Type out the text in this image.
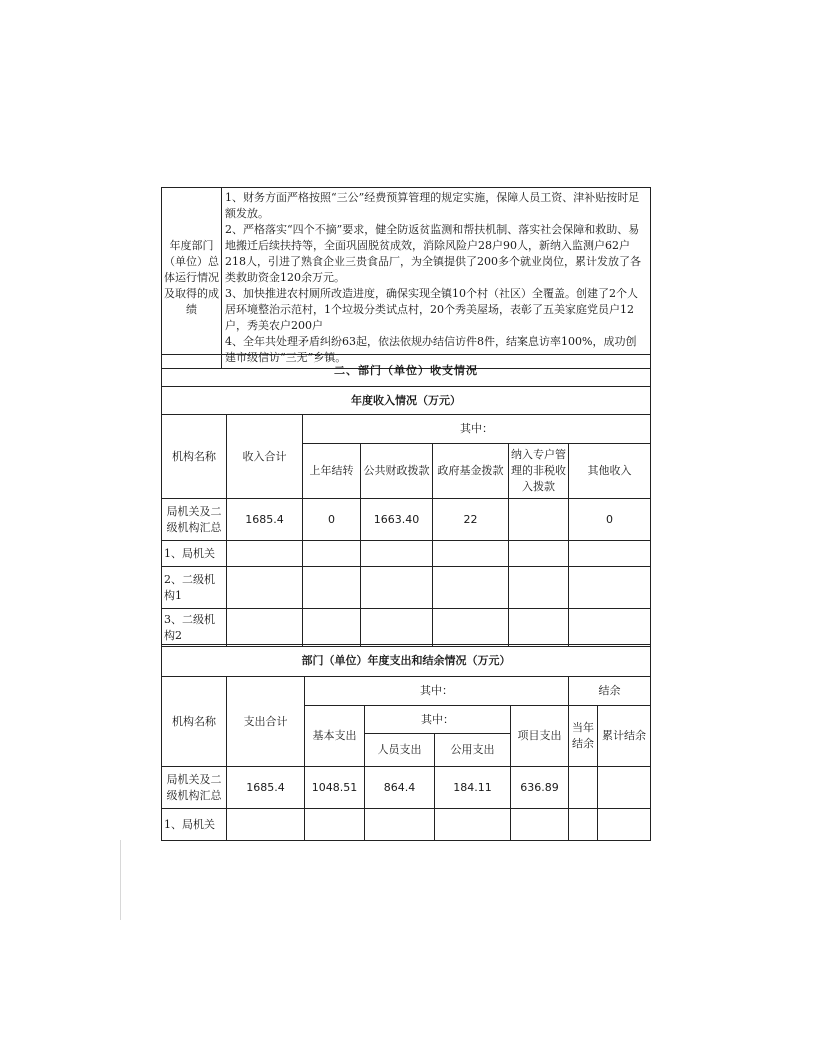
年度部门（单位）总体运行情况及取得的成绩	
1、财务方面严格按照“三公”经费预算管理的规定实施，保障人员工资、津补贴按时足额发放。
2、严格落实“四个不摘”要求，健全防返贫监测和帮扶机制、落实社会保障和救助、易地搬迁后续扶持等，全面巩固脱贫成效，消除风险户28户90人，新纳入监测户62户218人，引进了熟食企业三贵食品厂，为全镇提供了200多个就业岗位，累计发放了各类救助资金120余万元。
3、加快推进农村厕所改造进度，确保实现全镇10个村（社区）全覆盖。创建了2个人居环境整治示范村，1个垃圾分类试点村，20个秀美屋场，表彰了五美家庭党员户12户，秀美农户200户
4、全年共处理矛盾纠纷63起，依法依规办结信访件8件，结案息访率100%，成功创建市级信访“三无”乡镇。
二、部门（单位）收支情况						
年度收入情况（万元）						
机构名称	收入合计	其中：				
		上年结转	公共财政拨款	政府基金拨款	纳入专户管理的非税收入拨款	其他收入
局机关及二级机构汇总	1685.4	0	1663.40	22		0
1、局机关						
2、二级机构1						
3、二级机构2						
部门（单位）年度支出和结余情况（万元）							
机构名称	支出合计	其中：				结余	
		基本支出	其中：		项目支出	当年结余	累计结余
			人员支出	公用支出			
局机关及二级机构汇总	1685.4	1048.51	864.4	184.11	636.89		
1、局机关							
